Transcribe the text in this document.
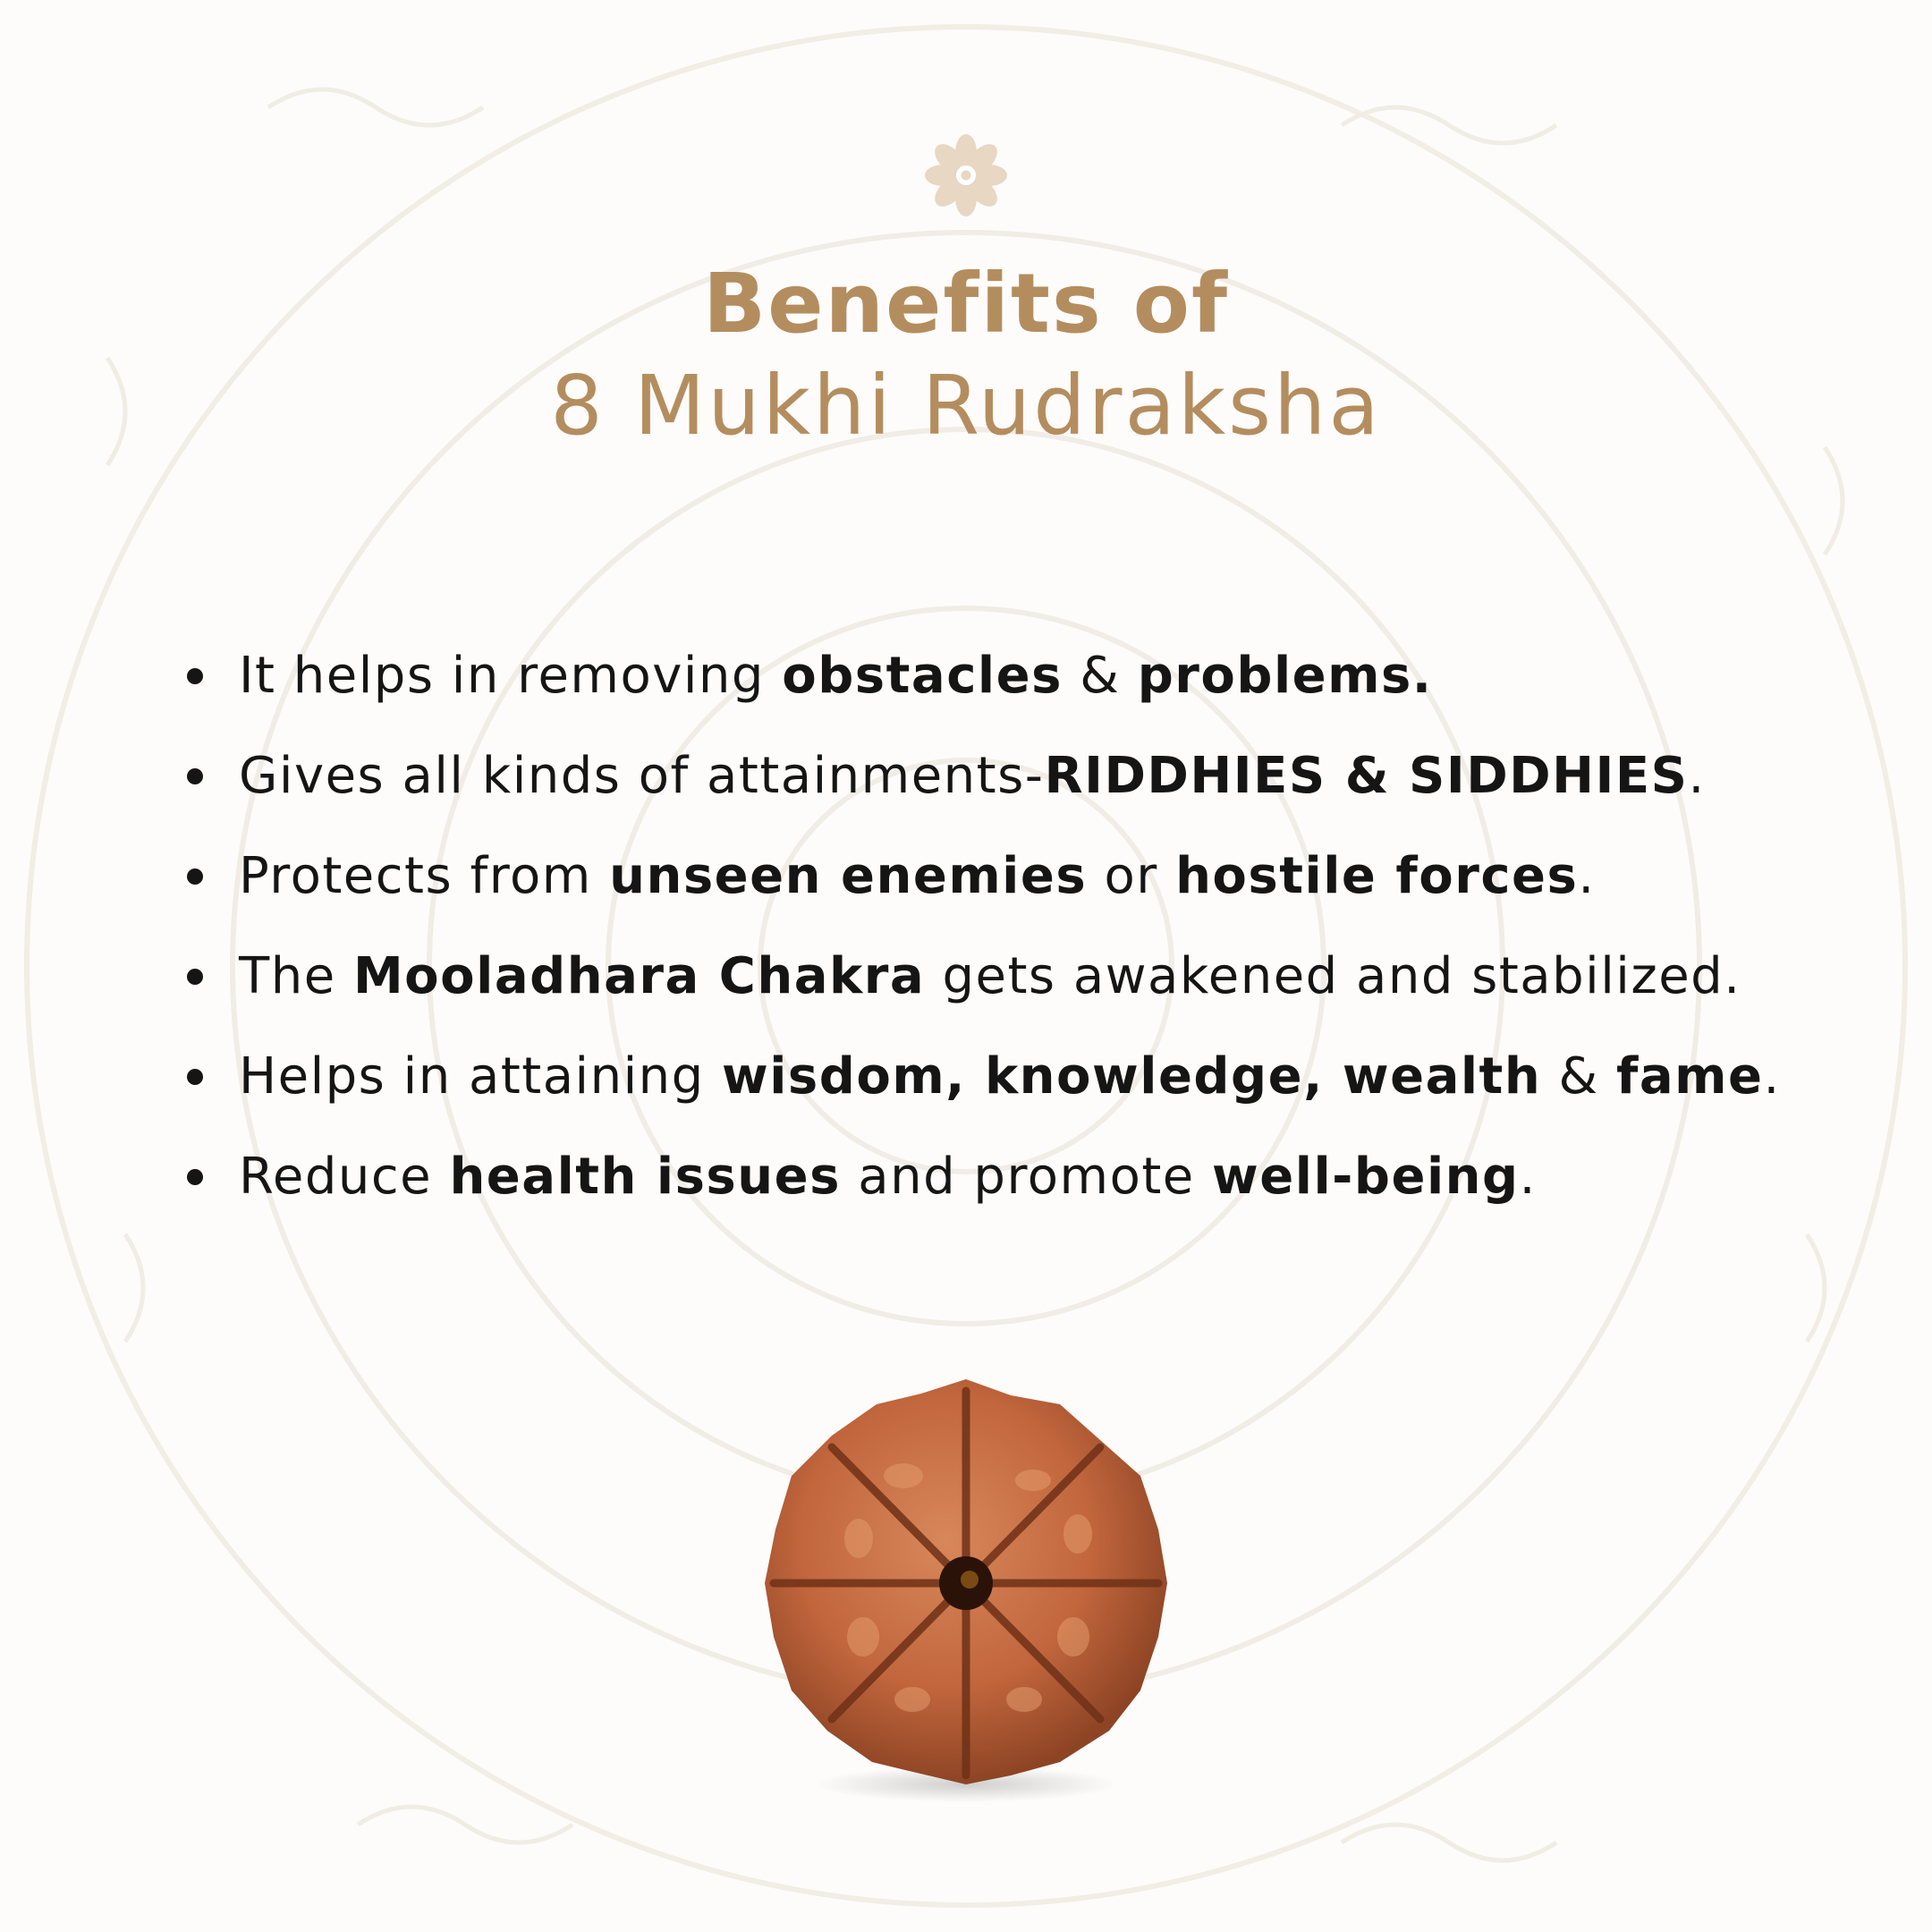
Benefits of
8 Mukhi Rudraksha
It helps in removing obstacles & problems.
Gives all kinds of attainments-RIDDHIES & SIDDHIES.
Protects from unseen enemies or hostile forces.
The Mooladhara Chakra gets awakened and stabilized.
Helps in attaining wisdom, knowledge, wealth & fame.
Reduce health issues and promote well-being.
